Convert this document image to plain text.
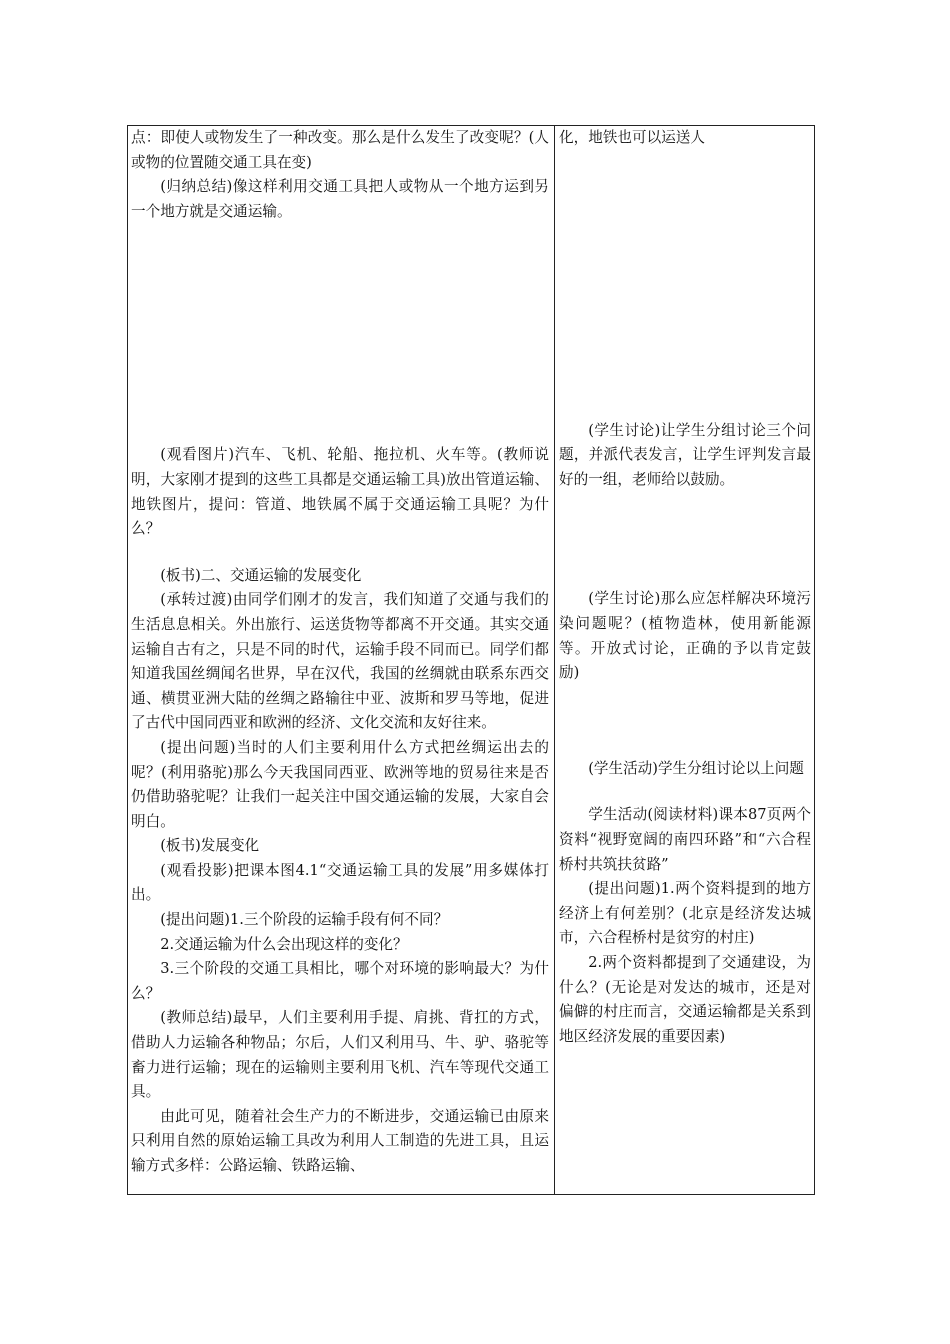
点：即使人或物发生了一种改变。那么是什么发生了改变呢？(人或物的位置随交通工具在变)

(归纳总结)像这样利用交通工具把人或物从一个地方运到另一个地方就是交通运输。

(观看图片)汽车、飞机、轮船、拖拉机、火车等。(教师说明，大家刚才提到的这些工具都是交通运输工具)放出管道运输、地铁图片，提问：管道、地铁属不属于交通运输工具呢？为什么？

(板书)二、交通运输的发展变化

(承转过渡)由同学们刚才的发言，我们知道了交通与我们的生活息息相关。外出旅行、运送货物等都离不开交通。其实交通运输自古有之，只是不同的时代，运输手段不同而已。同学们都知道我国丝绸闻名世界，早在汉代，我国的丝绸就由联系东西交通、横贯亚洲大陆的丝绸之路输往中亚、波斯和罗马等地，促进了古代中国同西亚和欧洲的经济、文化交流和友好往来。

(提出问题)当时的人们主要利用什么方式把丝绸运出去的呢？(利用骆驼)那么今天我国同西亚、欧洲等地的贸易往来是否仍借助骆驼呢？让我们一起关注中国交通运输的发展，大家自会明白。

(板书)发展变化

(观看投影)把课本图4.1“交通运输工具的发展”用多媒体打出。

(提出问题)1.三个阶段的运输手段有何不同？

2.交通运输为什么会出现这样的变化？

3.三个阶段的交通工具相比，哪个对环境的影响最大？为什么？

(教师总结)最早，人们主要利用手提、肩挑、背扛的方式，借助人力运输各种物品；尔后，人们又利用马、牛、驴、骆驼等畜力进行运输；现在的运输则主要利用飞机、汽车等现代交通工具。

由此可见，随着社会生产力的不断进步，交通运输已由原来只利用自然的原始运输工具改为利用人工制造的先进工具，且运输方式多样：公路运输、铁路运输、

化，地铁也可以运送人

(学生讨论)让学生分组讨论三个问题，并派代表发言，让学生评判发言最好的一组，老师给以鼓励。

(学生讨论)那么应怎样解决环境污染问题呢？(植物造林，使用新能源等。开放式讨论，正确的予以肯定鼓励)

(学生活动)学生分组讨论以上问题

学生活动(阅读材料)课本87页两个资料“视野宽阔的南四环路”和“六合程桥村共筑扶贫路”

(提出问题)1.两个资料提到的地方经济上有何差别？(北京是经济发达城市，六合程桥村是贫穷的村庄)

2.两个资料都提到了交通建设，为什么？(无论是对发达的城市，还是对偏僻的村庄而言，交通运输都是关系到地区经济发展的重要因素)
